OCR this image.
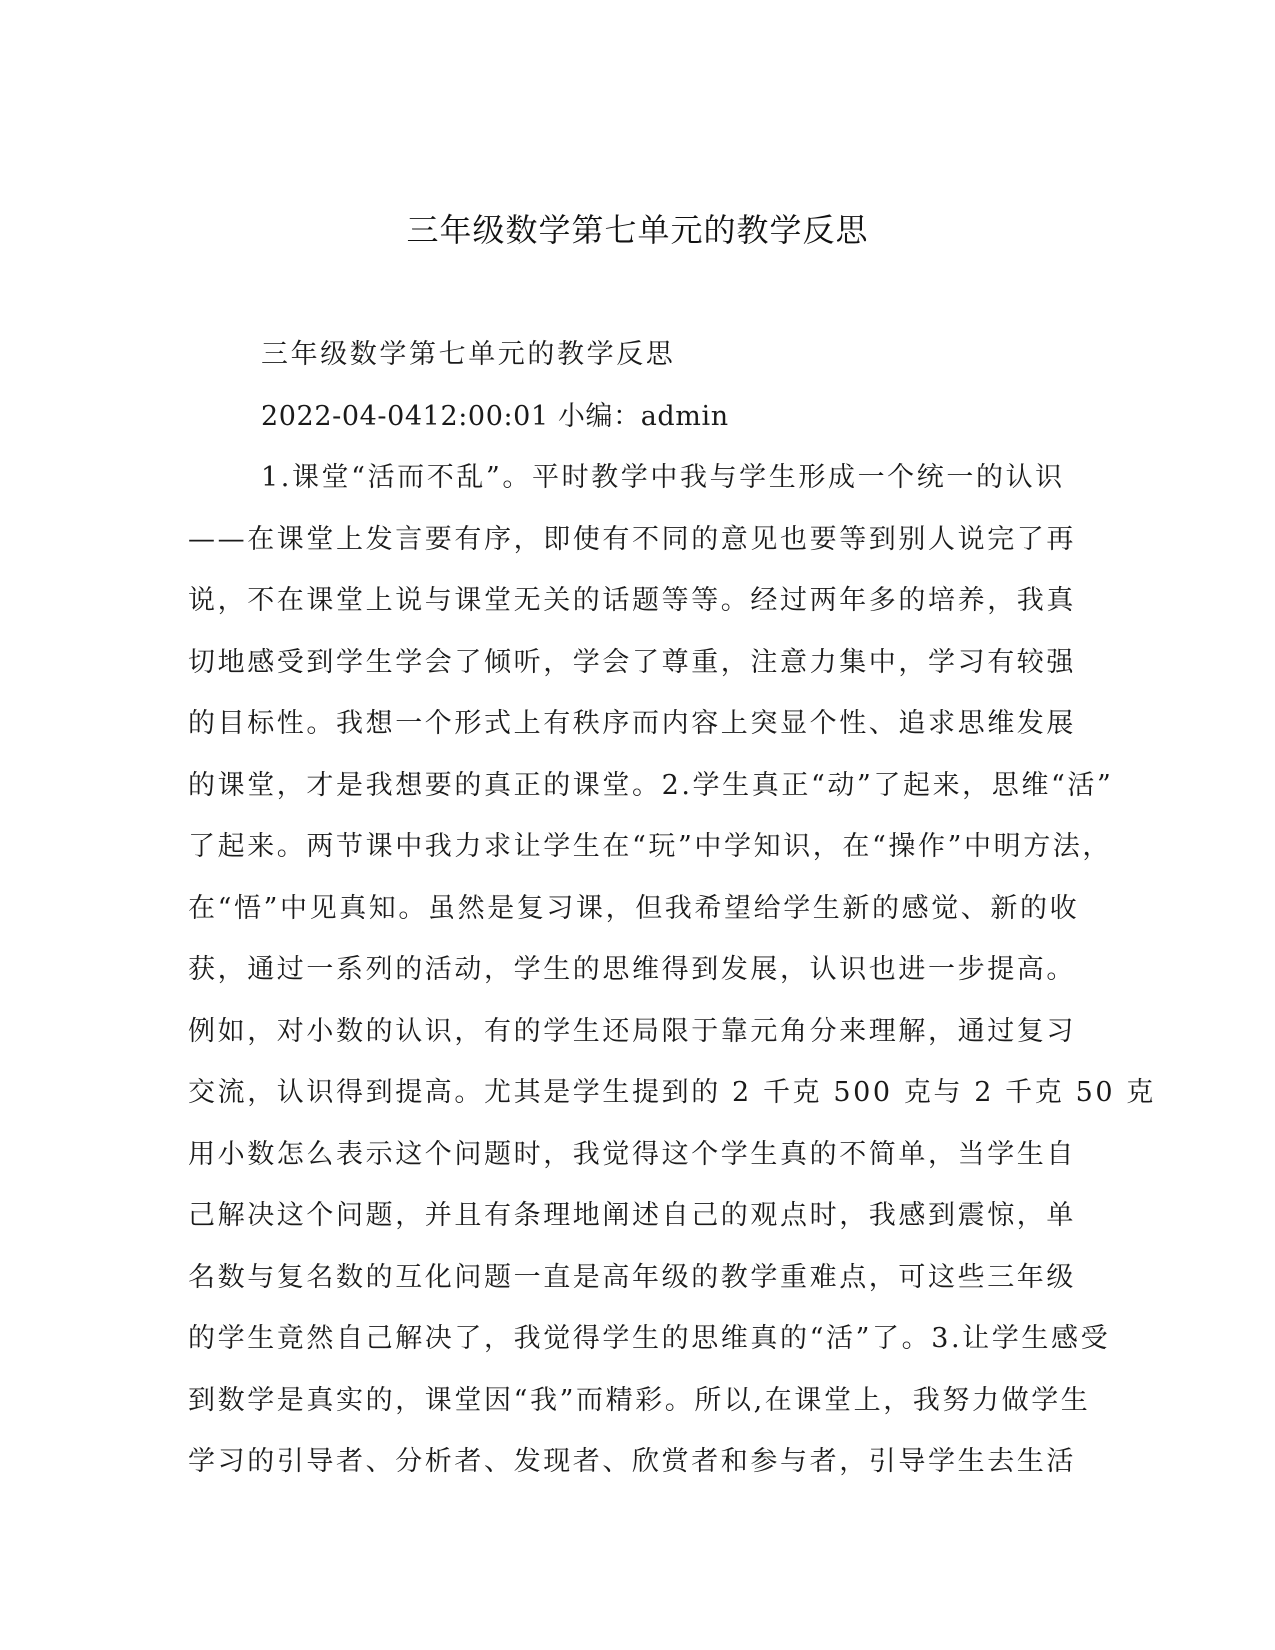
三年级数学第七单元的教学反思
三年级数学第七单元的教学反思
2022-04-0412:00:01 小编：admin
1.课堂“活而不乱”。平时教学中我与学生形成一个统一的认识
——在课堂上发言要有序，即使有不同的意见也要等到别人说完了再
说，不在课堂上说与课堂无关的话题等等。经过两年多的培养，我真
切地感受到学生学会了倾听，学会了尊重，注意力集中，学习有较强
的目标性。我想一个形式上有秩序而内容上突显个性、追求思维发展
的课堂，才是我想要的真正的课堂。2.学生真正“动”了起来，思维“活”
了起来。两节课中我力求让学生在“玩”中学知识，在“操作”中明方法，
在“悟”中见真知。虽然是复习课，但我希望给学生新的感觉、新的收
获，通过一系列的活动，学生的思维得到发展，认识也进一步提高。
例如，对小数的认识，有的学生还局限于靠元角分来理解，通过复习
交流，认识得到提高。尤其是学生提到的 2 千克 500 克与 2 千克 50 克
用小数怎么表示这个问题时，我觉得这个学生真的不简单，当学生自
己解决这个问题，并且有条理地阐述自己的观点时，我感到震惊，单
名数与复名数的互化问题一直是高年级的教学重难点，可这些三年级
的学生竟然自己解决了，我觉得学生的思维真的“活”了。3.让学生感受
到数学是真实的，课堂因“我”而精彩。所以,在课堂上，我努力做学生
学习的引导者、分析者、发现者、欣赏者和参与者，引导学生去生活
